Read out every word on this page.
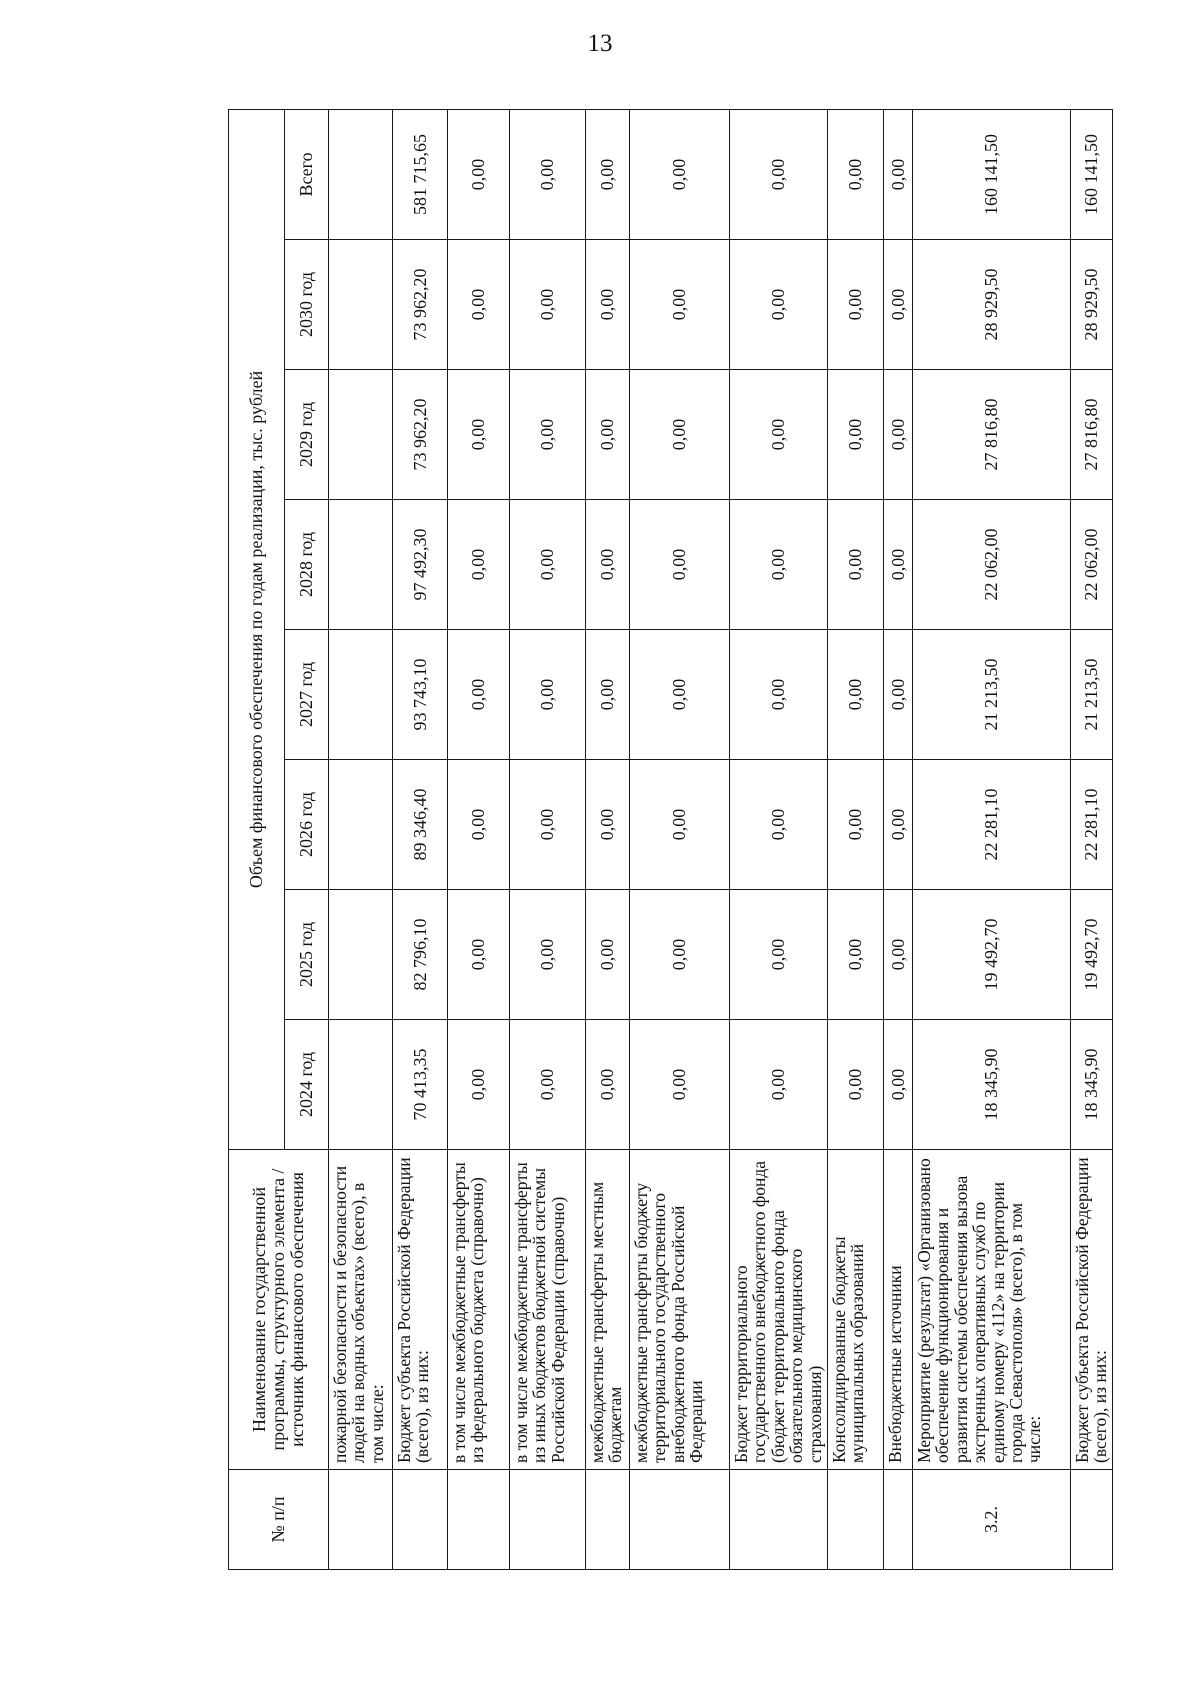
13
№ п/п	Наименование государственной программы, структурного элемента / источник финансового обеспечения	Объем финансового обеспечения по годам реализации, тыс. рублей							
		2024 год	2025 год	2026 год	2027 год	2028 год	2029 год	2030 год	Всего
	пожарной безопасности и безопасности людей на водных объектах» (всего), в том числе:								
	Бюджет субъекта Российской Федерации (всего), из них:	70 413,35	82 796,10	89 346,40	93 743,10	97 492,30	73 962,20	73 962,20	581 715,65
	в том числе межбюджетные трансферты из федерального бюджета (справочно)	0,00	0,00	0,00	0,00	0,00	0,00	0,00	0,00
	в том числе межбюджетные трансферты из иных бюджетов бюджетной системы Российской Федерации (справочно)	0,00	0,00	0,00	0,00	0,00	0,00	0,00	0,00
	межбюджетные трансферты местным бюджетам	0,00	0,00	0,00	0,00	0,00	0,00	0,00	0,00
	межбюджетные трансферты бюджету территориального государственного внебюджетного фонда Российской Федерации	0,00	0,00	0,00	0,00	0,00	0,00	0,00	0,00
	Бюджет территориального государственного внебюджетного фонда (бюджет территориального фонда обязательного медицинского страхования)	0,00	0,00	0,00	0,00	0,00	0,00	0,00	0,00
	Консолидированные бюджеты муниципальных образований	0,00	0,00	0,00	0,00	0,00	0,00	0,00	0,00
	Внебюджетные источники	0,00	0,00	0,00	0,00	0,00	0,00	0,00	0,00
3.2.	Мероприятие (результат) «Организовано обеспечение функционирования и развития системы обеспечения вызова экстренных оперативных служб по единому номеру «112» на территории города Севастополя» (всего), в том числе:	18 345,90	19 492,70	22 281,10	21 213,50	22 062,00	27 816,80	28 929,50	160 141,50
	Бюджет субъекта Российской Федерации (всего), из них:	18 345,90	19 492,70	22 281,10	21 213,50	22 062,00	27 816,80	28 929,50	160 141,50
